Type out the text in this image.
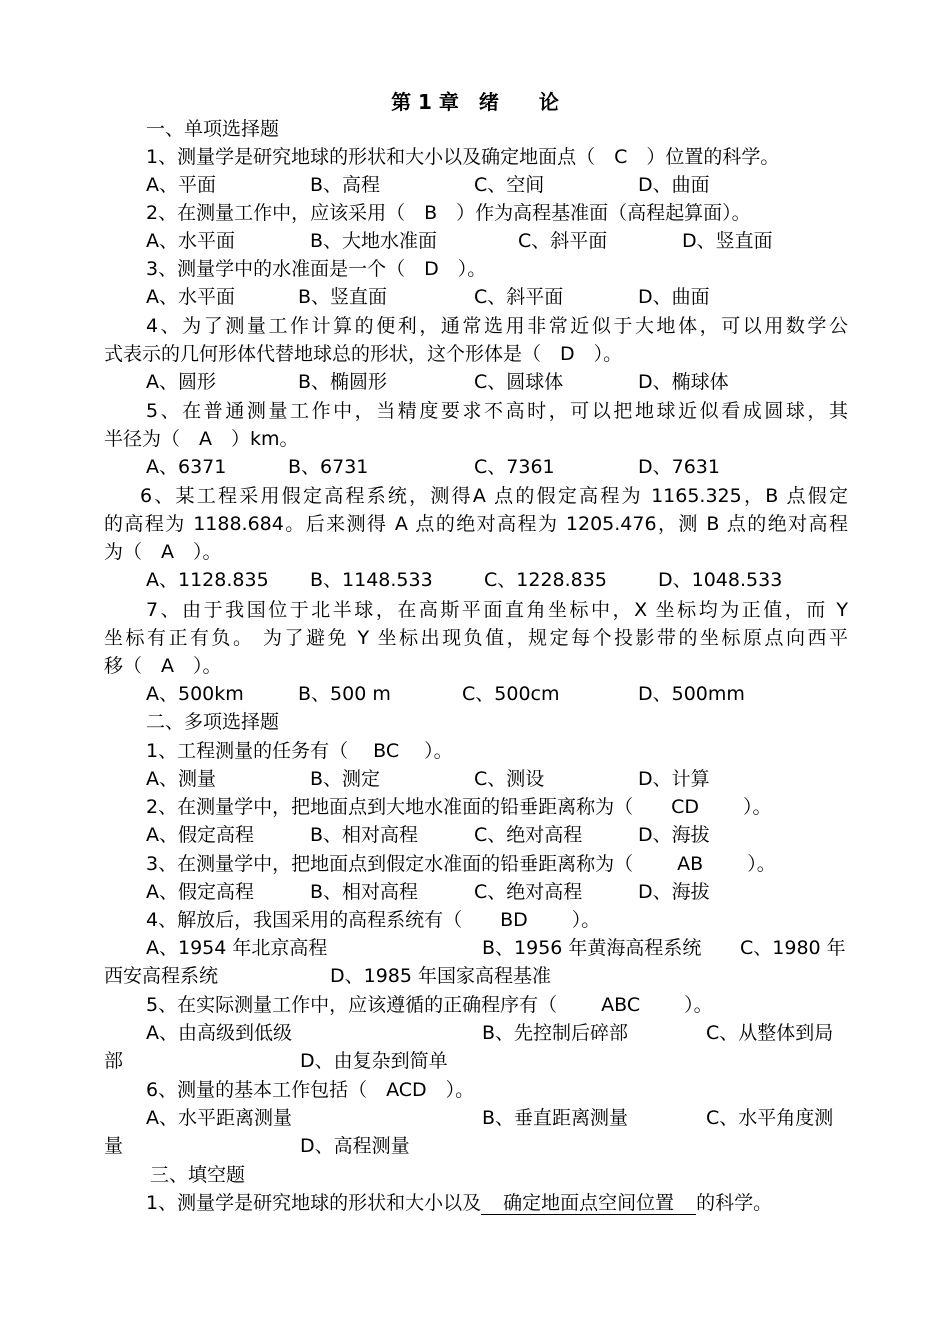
第 1 章　绪　　论
一、单项选择题
1、测量学是研究地球的形状和大小以及确定地面点（　C　）位置的科学。
A、平面	B、高程	C、空间	D、曲面
2、在测量工作中，应该采用（　B　）作为高程基准面（高程起算面）。
A、水平面	B、大地水准面	C、斜平面	D、竖直面
3、测量学中的水准面是一个（　D　）。
A、水平面	B、竖直面	C、斜平面	D、曲面
4、为了测量工作计算的便利，通常选用非常近似于大地体，可以用数学公
式表示的几何形体代替地球总的形状，这个形体是（　D　）。
A、圆形	B、椭圆形	C、圆球体	D、椭球体
5、在普通测量工作中，当精度要求不高时，可以把地球近似看成圆球，其
半径为（　A　）km。
A、6371	B、6731	C、7361	D、7631
6、某工程采用假定高程系统，测得A 点的假定高程为 1165.325，B 点假定
的高程为 1188.684。后来测得 A 点的绝对高程为 1205.476，测 B 点的绝对高程
为（　A　）。
A、1128.835 B、1148.533	C、1228.835	D、1048.533
7、由于我国位于北半球，在高斯平面直角坐标中，X 坐标均为正值，而 Y
坐标有正有负。 为了避免 Y 坐标出现负值，规定每个投影带的坐标原点向西平
移（　A　）。
A、500km	B、500 m	C、500cm	D、500mm
二、多项选择题
1、工程测量的任务有（　 BC　 ）。
A、测量	B、测定	C、测设	D、计算
2、在测量学中，把地面点到大地水准面的铅垂距离称为（　　CD　　 ）。
A、假定高程	B、相对高程	C、绝对高程	D、海拔
3、在测量学中，把地面点到假定水准面的铅垂距离称为（　　 AB　　 ）。
A、假定高程	B、相对高程	C、绝对高程	D、海拔
4、解放后，我国采用的高程系统有（　　BD　　 ）。
A、1954 年北京高程	B、1956 年黄海高程系统 C、1980 年
西安高程系统	D、1985 年国家高程基准
5、在实际测量工作中，应该遵循的正确程序有（　　 ABC　　 ）。
A、由高级到低级	B、先控制后碎部	C、从整体到局
部	D、由复杂到简单
6、测量的基本工作包括（　ACD　）。
A、水平距离测量	B、垂直距离测量	C、水平角度测
量	D、高程测量
三、填空题
1、测量学是研究地球的形状和大小以及 确定地面点空间位置 的科学。
